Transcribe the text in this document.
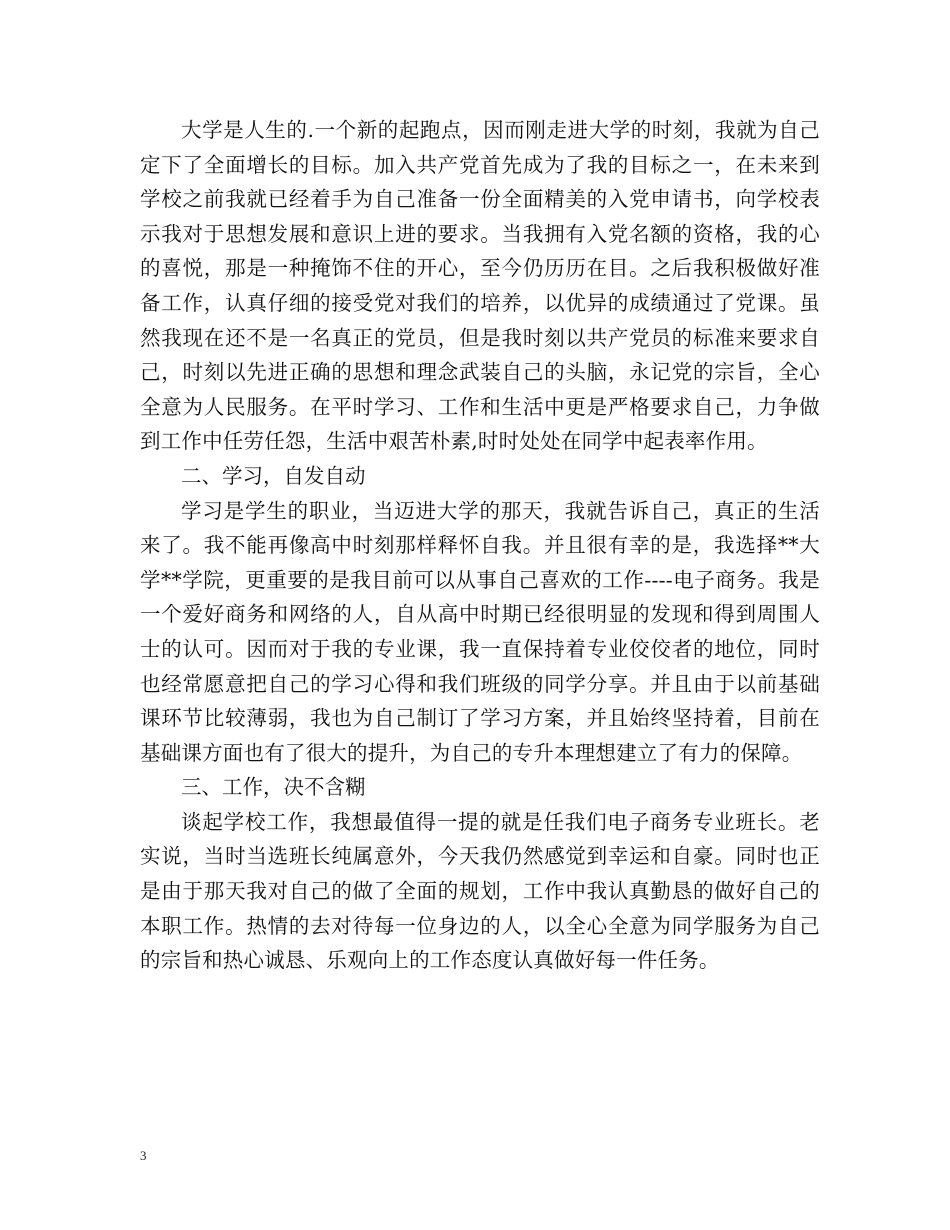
大学是人生的.一个新的起跑点，因而刚走进大学的时刻，我就为自己定下了全面增长的目标。加入共产党首先成为了我的目标之一，在未来到学校之前我就已经着手为自己准备一份全面精美的入党申请书，向学校表示我对于思想发展和意识上进的要求。当我拥有入党名额的资格，我的心的喜悦，那是一种掩饰不住的开心，至今仍历历在目。之后我积极做好准备工作，认真仔细的接受党对我们的培养，以优异的成绩通过了党课。虽然我现在还不是一名真正的党员，但是我时刻以共产党员的标准来要求自己，时刻以先进正确的思想和理念武装自己的头脑，永记党的宗旨，全心全意为人民服务。在平时学习、工作和生活中更是严格要求自己，力争做到工作中任劳任怨，生活中艰苦朴素,时时处处在同学中起表率作用。

二、学习，自发自动

学习是学生的职业，当迈进大学的那天，我就告诉自己，真正的生活来了。我不能再像高中时刻那样释怀自我。并且很有幸的是，我选择**大学**学院，更重要的是我目前可以从事自己喜欢的工作----电子商务。我是一个爱好商务和网络的人，自从高中时期已经很明显的发现和得到周围人士的认可。因而对于我的专业课，我一直保持着专业佼佼者的地位，同时也经常愿意把自己的学习心得和我们班级的同学分享。并且由于以前基础课环节比较薄弱，我也为自己制订了学习方案，并且始终坚持着，目前在基础课方面也有了很大的提升，为自己的专升本理想建立了有力的保障。

三、工作，决不含糊

谈起学校工作，我想最值得一提的就是任我们电子商务专业班长。老实说，当时当选班长纯属意外，今天我仍然感觉到幸运和自豪。同时也正是由于那天我对自己的做了全面的规划，工作中我认真勤恳的做好自己的本职工作。热情的去对待每一位身边的人，以全心全意为同学服务为自己的宗旨和热心诚恳、乐观向上的工作态度认真做好每一件任务。

3
